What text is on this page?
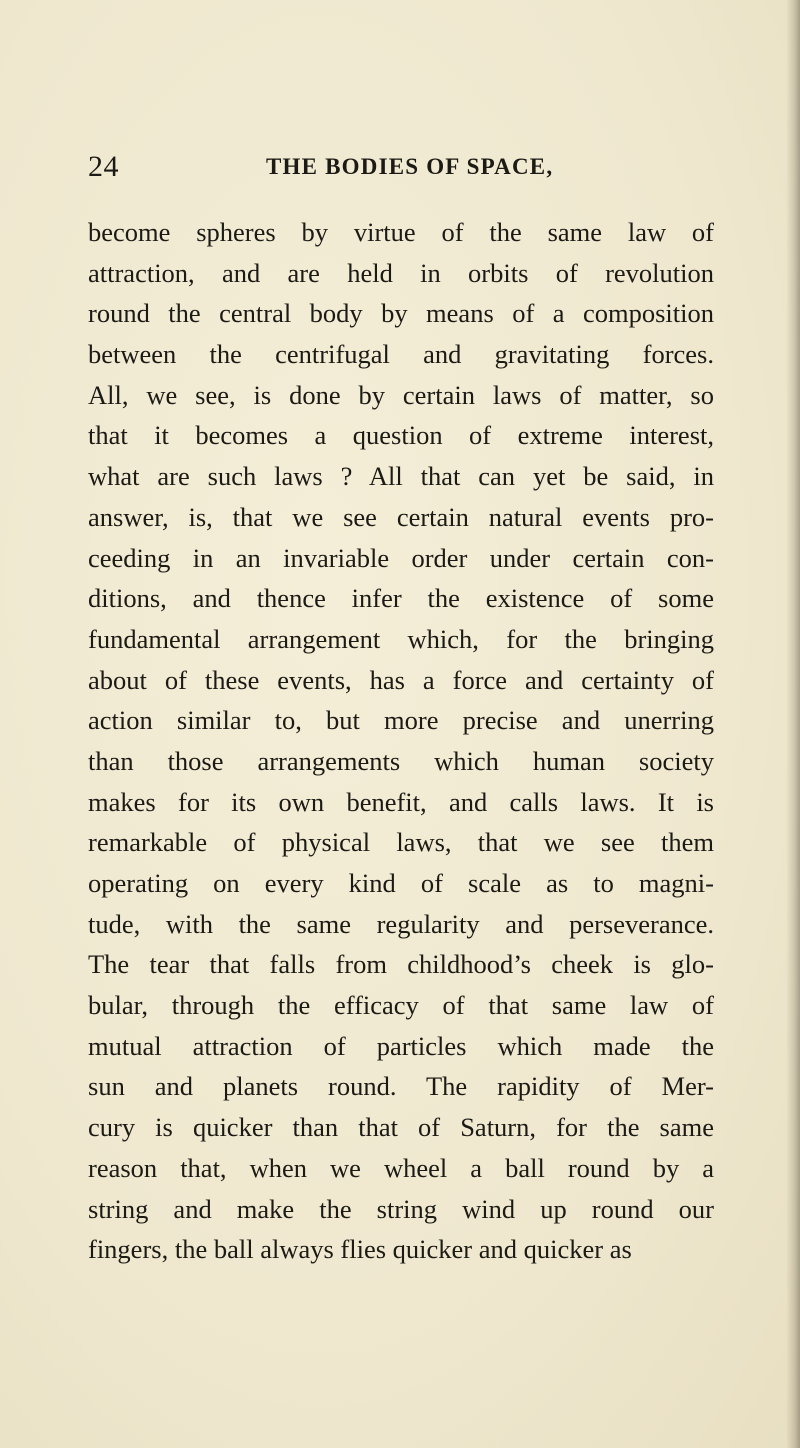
24	THE BODIES OF SPACE,
become spheres by virtue of the same law of
attraction, and are held in orbits of revolution
round the central body by means of a composition
between the centrifugal and gravitating forces.
All, we see, is done by certain laws of matter, so
that it becomes a question of extreme interest,
what are such laws ? All that can yet be said, in
answer, is, that we see certain natural events pro-
ceeding in an invariable order under certain con-
ditions, and thence infer the existence of some
fundamental arrangement which, for the bringing
about of these events, has a force and certainty of
action similar to, but more precise and unerring
than those arrangements which human society
makes for its own benefit, and calls laws. It is
remarkable of physical laws, that we see them
operating on every kind of scale as to magni-
tude, with the same regularity and perseverance.
The tear that falls from childhood’s cheek is glo-
bular, through the efficacy of that same law of
mutual attraction of particles which made the
sun and planets round. The rapidity of Mer-
cury is quicker than that of Saturn, for the same
reason that, when we wheel a ball round by a
string and make the string wind up round our
fingers, the ball always flies quicker and quicker as
